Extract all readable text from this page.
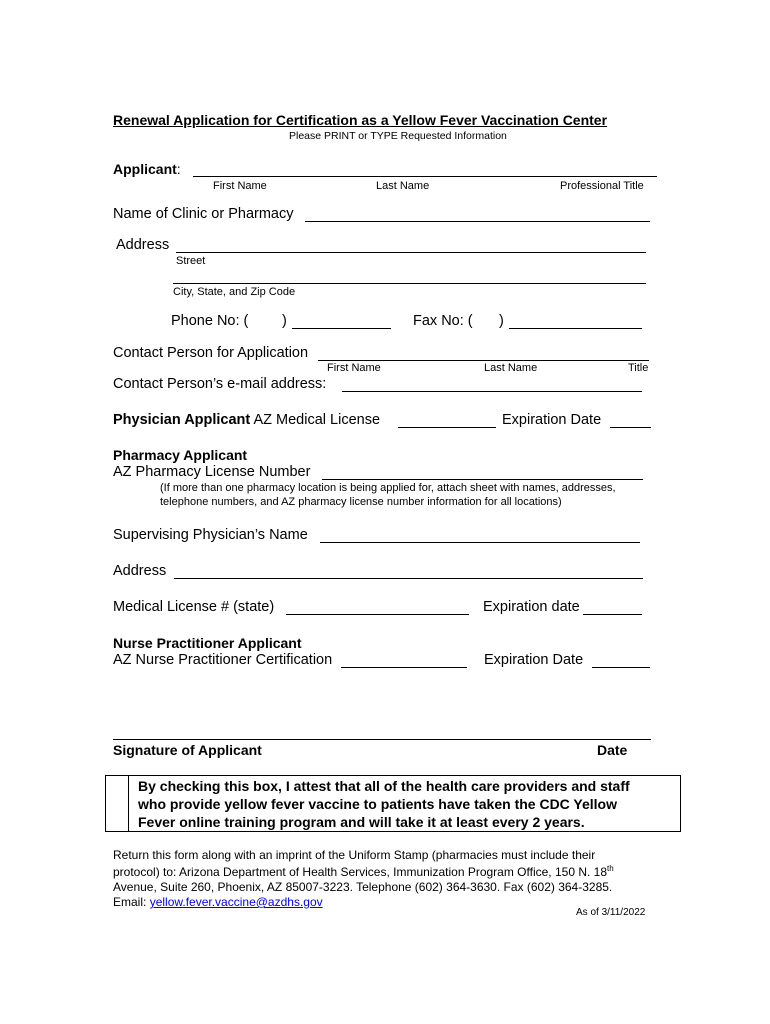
Renewal Application for Certification as a Yellow Fever Vaccination Center
Please PRINT or TYPE Requested Information
Applicant:
First Name	Last Name	Professional Title
Name of Clinic or Pharmacy
Address
Street
City, State, and Zip Code
Phone No: ( )	Fax No: ( )
Contact Person for Application
First Name	Last Name	Title
Contact Person’s e-mail address:
Physician Applicant AZ Medical License	Expiration Date
Pharmacy Applicant
AZ Pharmacy License Number
(If more than one pharmacy location is being applied for, attach sheet with names, addresses,
telephone numbers, and AZ pharmacy license number information for all locations)
Supervising Physician’s Name
Address
Medical License # (state)	Expiration date
Nurse Practitioner Applicant
AZ Nurse Practitioner Certification	Expiration Date
Signature of Applicant	Date
By checking this box, I attest that all of the health care providers and staff
who provide yellow fever vaccine to patients have taken the CDC Yellow
Fever online training program and will take it at least every 2 years.
Return this form along with an imprint of the Uniform Stamp (pharmacies must include their
protocol) to: Arizona Department of Health Services, Immunization Program Office, 150 N. 18th
Avenue, Suite 260, Phoenix, AZ 85007-3223. Telephone (602) 364-3630. Fax (602) 364-3285.
Email: yellow.fever.vaccine@azdhs.gov
As of 3/11/2022
